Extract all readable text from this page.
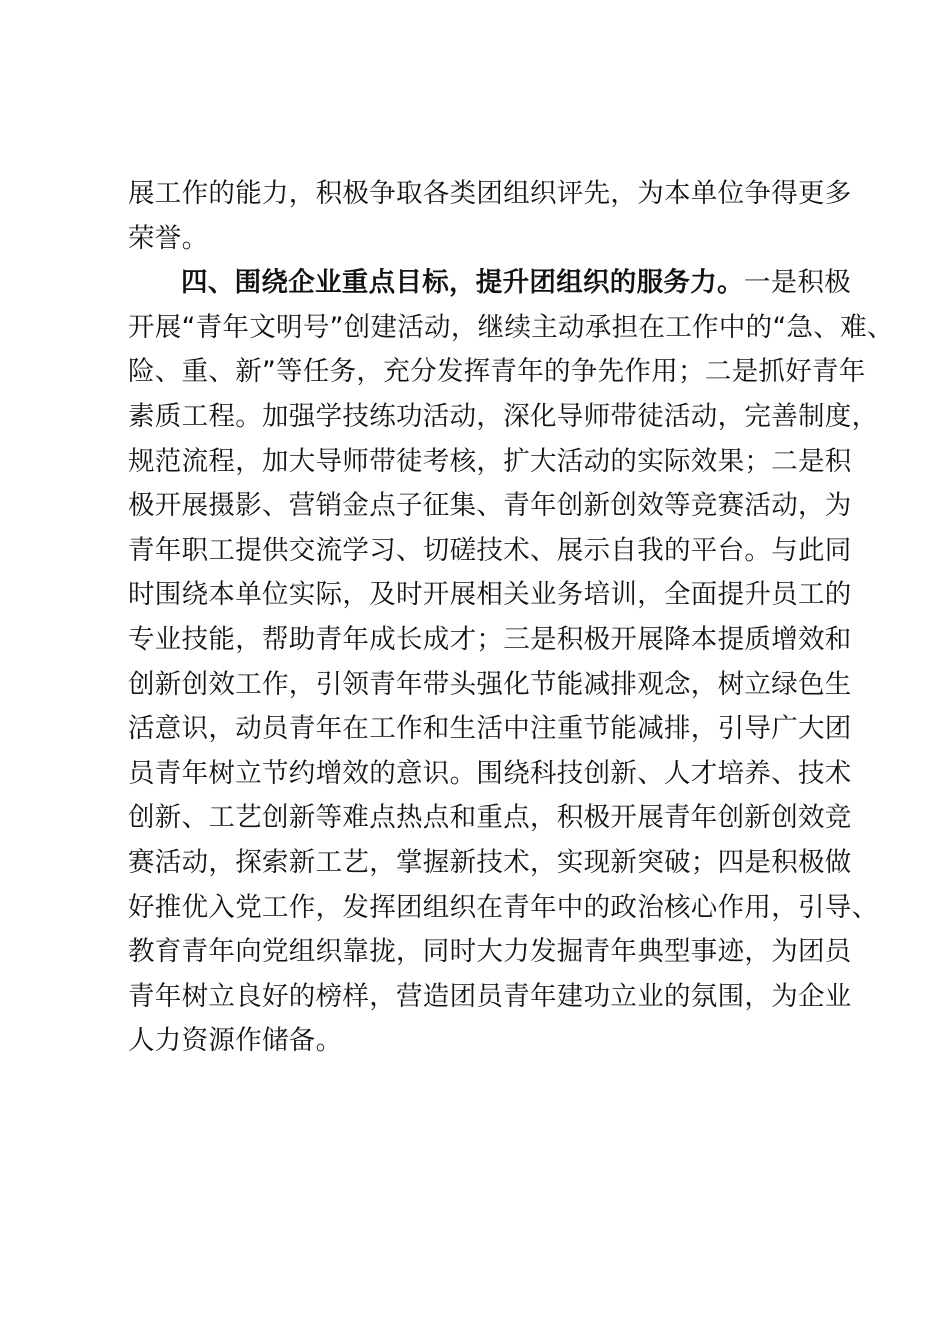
展工作的能力，积极争取各类团组织评先，为本单位争得更多
荣誉。
四、围绕企业重点目标，提升团组织的服务力。一是积极
开展“青年文明号”创建活动，继续主动承担在工作中的“急、难、
险、重、新”等任务，充分发挥青年的争先作用；二是抓好青年
素质工程。加强学技练功活动，深化导师带徒活动，完善制度，
规范流程，加大导师带徒考核，扩大活动的实际效果；二是积
极开展摄影、营销金点子征集、青年创新创效等竞赛活动，为
青年职工提供交流学习、切磋技术、展示自我的平台。与此同
时围绕本单位实际，及时开展相关业务培训，全面提升员工的
专业技能，帮助青年成长成才；三是积极开展降本提质增效和
创新创效工作，引领青年带头强化节能减排观念，树立绿色生
活意识，动员青年在工作和生活中注重节能减排，引导广大团
员青年树立节约增效的意识。围绕科技创新、人才培养、技术
创新、工艺创新等难点热点和重点，积极开展青年创新创效竞
赛活动，探索新工艺，掌握新技术，实现新突破；四是积极做
好推优入党工作，发挥团组织在青年中的政治核心作用，引导、
教育青年向党组织靠拢，同时大力发掘青年典型事迹，为团员
青年树立良好的榜样，营造团员青年建功立业的氛围，为企业
人力资源作储备。
